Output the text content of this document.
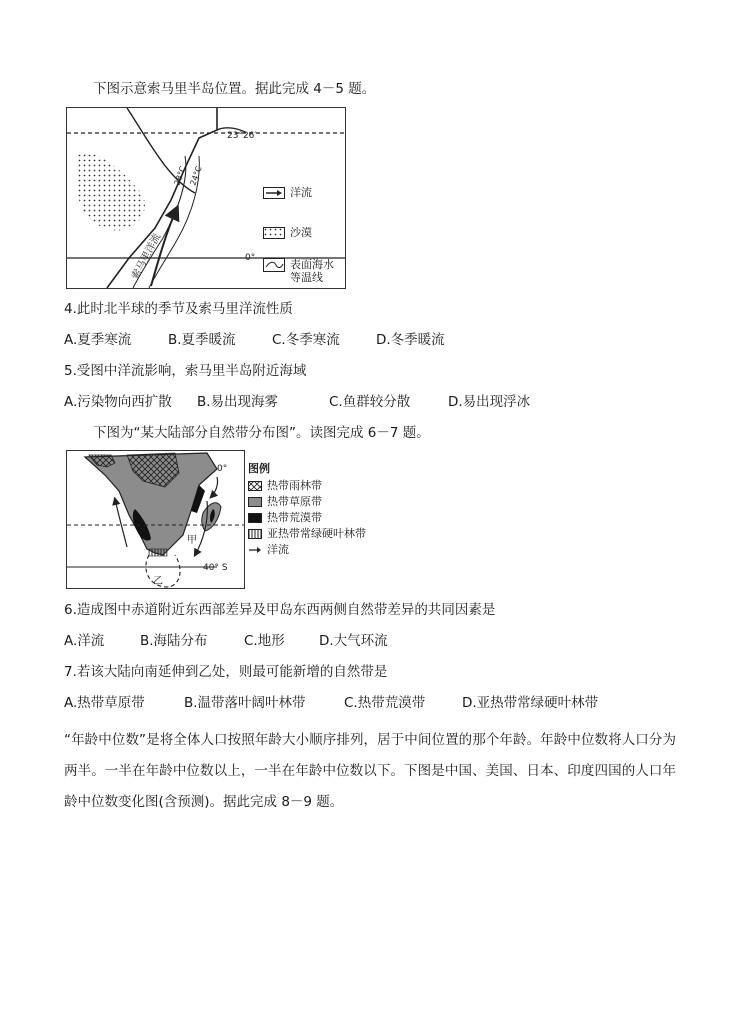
下图示意索马里半岛位置。据此完成 4－5 题。
23°26′
0°
28°C 24°C
索马里洋流
洋流
沙漠
表面海水等温线
4.此时北半球的季节及索马里洋流性质
A.夏季寒流	B.夏季暖流	C.冬季寒流	D.冬季暖流
5.受图中洋流影响，索马里半岛附近海域
A.污染物向西扩散 B.易出现海雾	C.鱼群较分散	D.易出现浮冰
下图为“某大陆部分自然带分布图”。读图完成 6－7 题。
0°
40° S
甲
乙
图例
热带雨林带
热带草原带
热带荒漠带
亚热带常绿硬叶林带
洋流
6.造成图中赤道附近东西部差异及甲岛东西两侧自然带差异的共同因素是
A.洋流	B.海陆分布	C.地形	D.大气环流
7.若该大陆向南延伸到乙处，则最可能新增的自然带是
A.热带草原带	B.温带落叶阔叶林带	C.热带荒漠带	D.亚热带常绿硬叶林带
“年龄中位数”是将全体人口按照年龄大小顺序排列，居于中间位置的那个年龄。年龄中位数将人口分为两半。一半在年龄中位数以上，一半在年龄中位数以下。下图是中国、美国、日本、印度四国的人口年龄中位数变化图(含预测)。据此完成 8－9 题。
